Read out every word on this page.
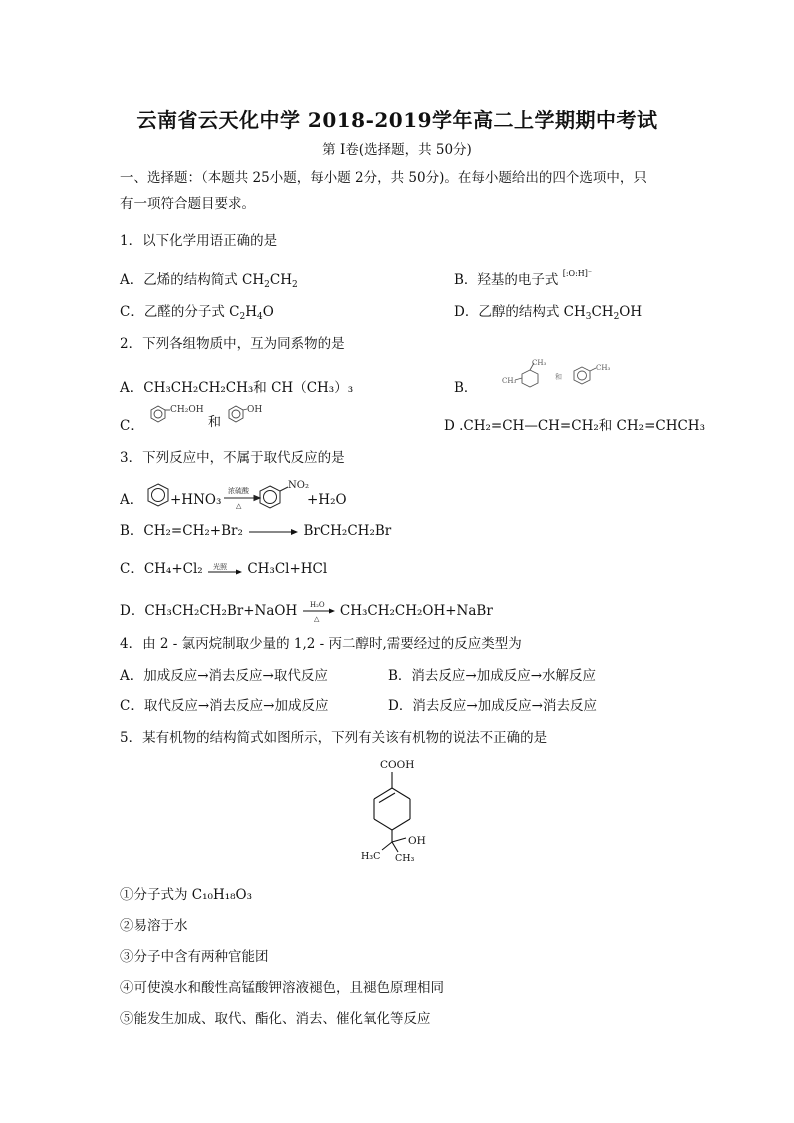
云南省云天化中学 2018-2019学年高二上学期期中考试
第 I卷(选择题，共 50分)
一、选择题：（本题共 25小题，每小题 2分，共 50分)。在每小题给出的四个选项中，只
有一项符合题目要求。
1．以下化学用语正确的是
A．乙烯的结构简式 $CH_2CH_2$	B．羟基的电子式 $^{[:O:H]^-}$
C．乙醛的分子式 $C_2H_4O$	D．乙醇的结构式 $CH_3CH_2OH$
2．下列各组物质中，互为同系物的是
A．CH₃CH₂CH₂CH₃和 CH（CH₃）₃	B．
CH₃
CH₃	和
CH₃
C．
CH₂OH
和
OH
D .CH₂=CH—CH=CH₂和 CH₂=CHCH₃
3．下列反应中，不属于取代反应的是
A． +HNO₃
浓硫酸
△
NO₂
+H₂O
B．CH₂=CH₂+Br₂	BrCH₂CH₂Br
C．CH₄+Cl₂ 光照 CH₃Cl+HCl
D．CH₃CH₂CH₂Br+NaOH H₂O
△ CH₃CH₂CH₂OH+NaBr
4．由 2 - 氯丙烷制取少量的 1,2 - 丙二醇时,需要经过的反应类型为
A．加成反应→消去反应→取代反应	B．消去反应→加成反应→水解反应
C．取代反应→消去反应→加成反应	D．消去反应→加成反应→消去反应
5．某有机物的结构简式如图所示，下列有关该有机物的说法不正确的是
COOH
OH
H₃C CH₃
①分子式为 C₁₀H₁₈O₃
②易溶于水
③分子中含有两种官能团
④可使溴水和酸性高锰酸钾溶液褪色，且褪色原理相同
⑤能发生加成、取代、酯化、消去、催化氧化等反应
